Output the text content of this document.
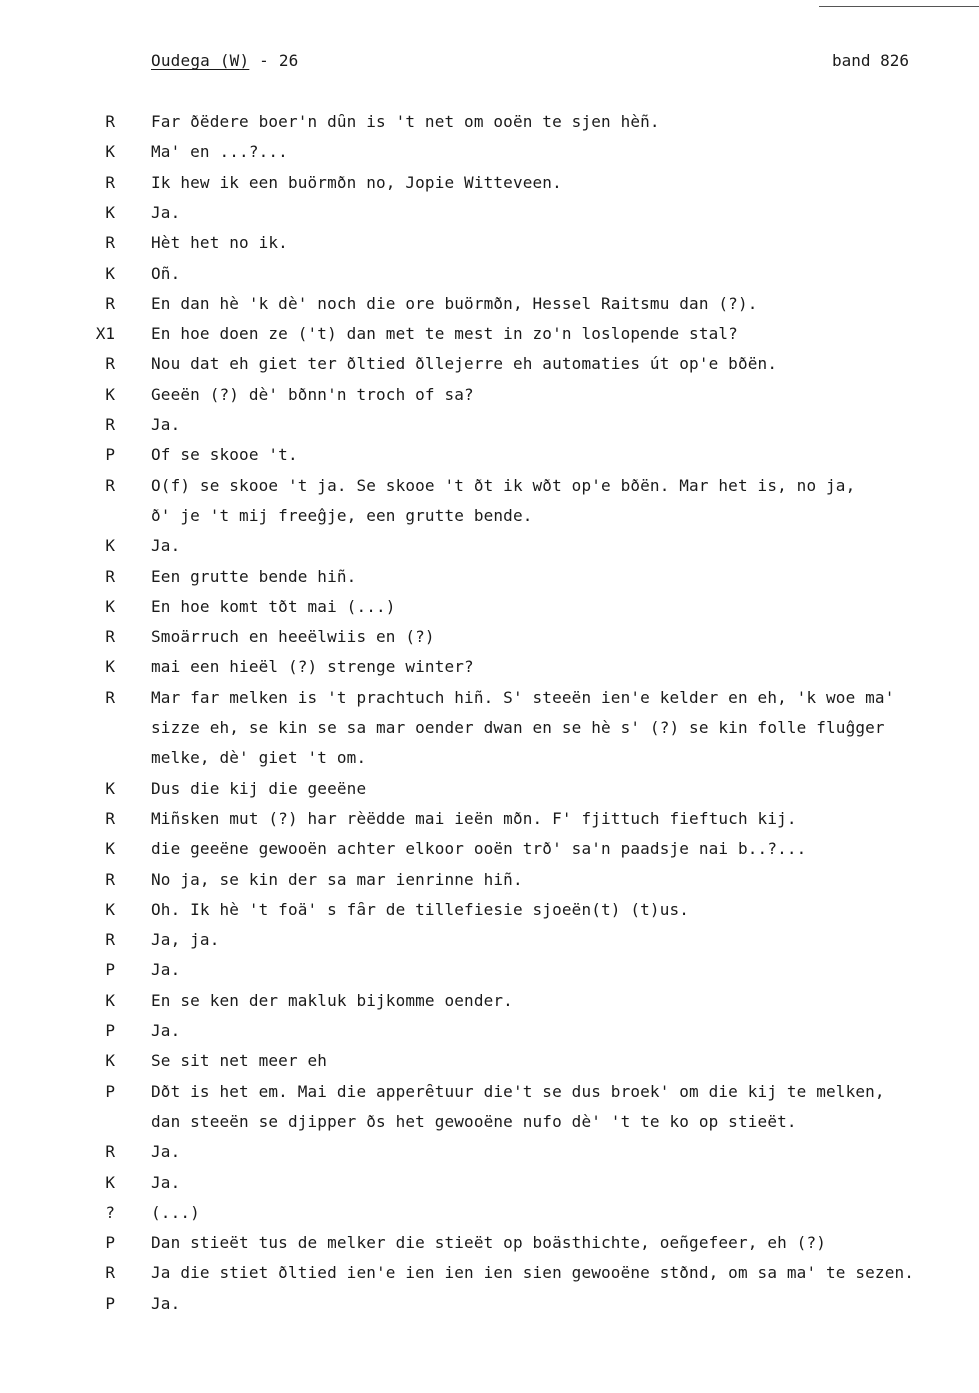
Oudega (W) - 26	band 826
R Far ðëdere boer'n dȗn is 't net om ooën te sjen hèñ.
K Ma' en ...?...
R Ik hew ik een buörmðn no, Jopie Witteveen.
K Ja.
R Hèt het no ik.
K Oñ.
R En dan hè 'k dè' noch die ore buörmðn, Hessel Raitsmu dan (?).
X1 En hoe doen ze ('t) dan met te mest in zo'n loslopende stal?
R Nou dat eh giet ter ðltied ðllejerre eh automaties út op'e bðën.
K Geeën (?) dè' bðnn'n troch of sa?
R Ja.
P Of se skooe 't.
R O(f) se skooe 't ja. Se skooe 't ðt ik wðt op'e bðën. Mar het is, no ja,
ð' je 't mij freeĝje, een grutte bende.
K Ja.
R Een grutte bende hiñ.
K En hoe komt tðt mai (...)
R Smoärruch en heeëlwiis en (?)
K mai een hieël (?) strenge winter?
R Mar far melken is 't prachtuch hiñ. S' steeën ien'e kelder en eh, 'k woe ma'
sizze eh, se kin se sa mar oender dwan en se hè s' (?) se kin folle fluĝger
melke, dè' giet 't om.
K Dus die kij die geeëne
R Miñsken mut (?) har rèëdde mai ieën mðn. F' fjittuch fieftuch kij.
K die geeëne gewooën achter elkoor ooën trð' sa'n paadsje nai b..?...
R No ja, se kin der sa mar ienrinne hiñ.
K Oh. Ik hè 't foä' s fȃr de tillefiesie sjoeën(t) (t)us.
R Ja, ja.
P Ja.
K En se ken der makluk bijkomme oender.
P Ja.
K Se sit net meer eh
P Dðt is het em. Mai die apperȇtuur die't se dus broek' om die kij te melken,
dan steeën se djipper ðs het gewooëne nufo dè' 't te ko op stieët.
R Ja.
K Ja.
? (...)
P Dan stieët tus de melker die stieët op boästhichte, oeñgefeer, eh (?)
R Ja die stiet ðltied ien'e ien ien ien sien gewooëne stðnd, om sa ma' te sezen.
P Ja.
